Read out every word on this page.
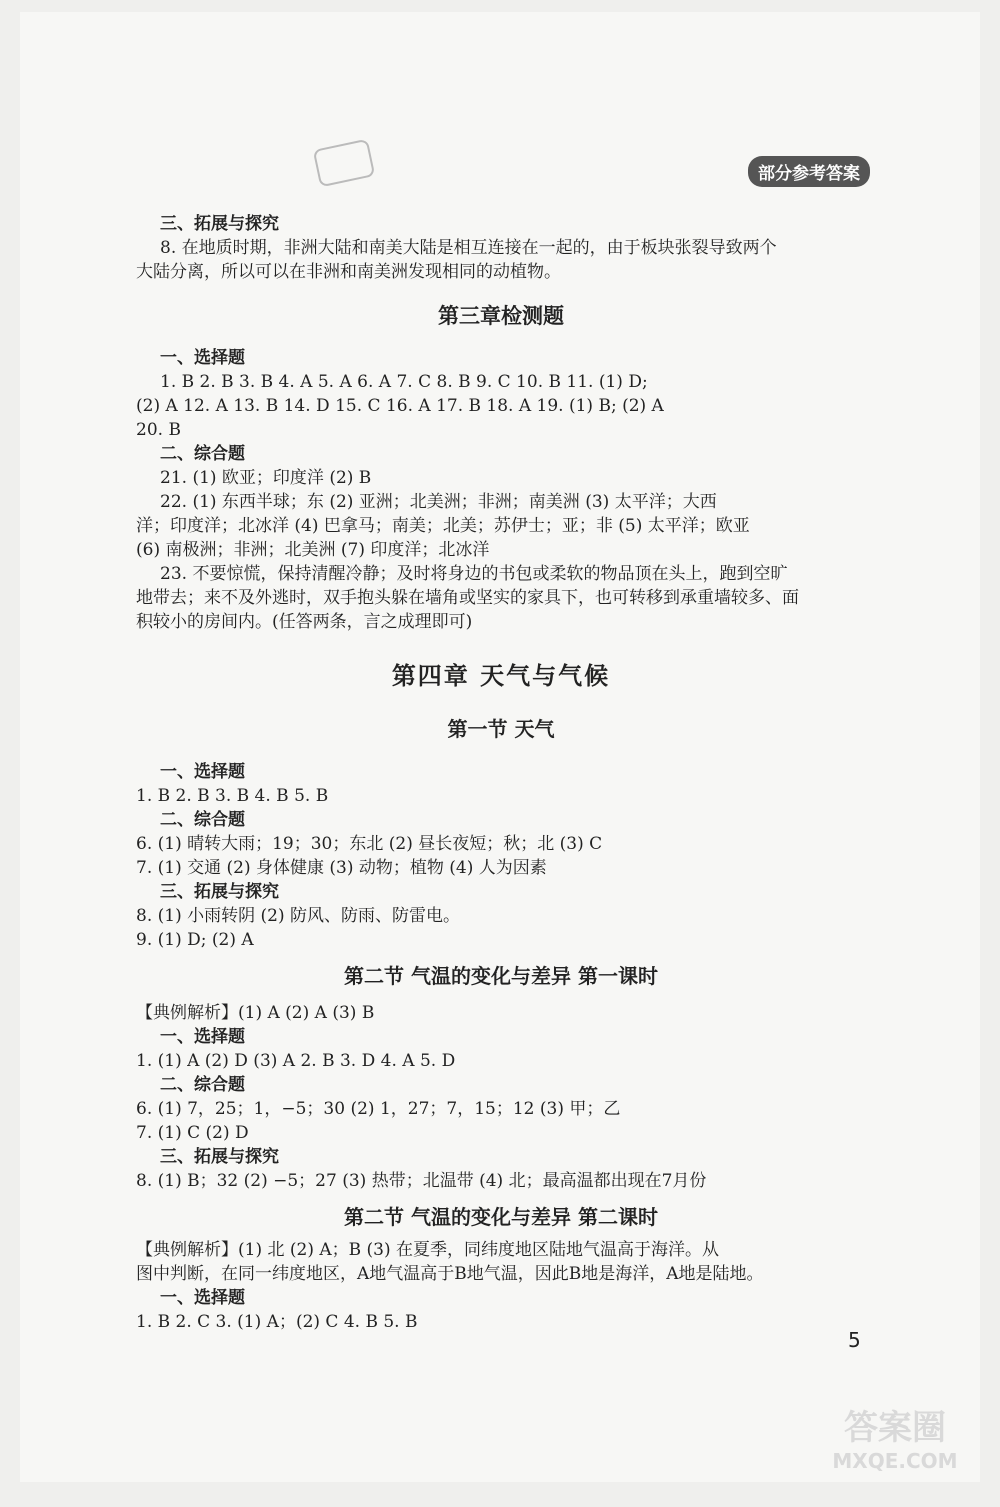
部分参考答案
三、拓展与探究
8. 在地质时期，非洲大陆和南美大陆是相互连接在一起的，由于板块张裂导致两个
大陆分离，所以可以在非洲和南美洲发现相同的动植物。
第三章检测题
一、选择题
1. B 2. B 3. B 4. A 5. A 6. A 7. C 8. B 9. C 10. B 11. (1) D;
(2) A 12. A 13. B 14. D 15. C 16. A 17. B 18. A 19. (1) B; (2) A
20. B
二、综合题
21. (1) 欧亚；印度洋 (2) B
22. (1) 东西半球；东 (2) 亚洲；北美洲；非洲；南美洲 (3) 太平洋；大西
洋；印度洋；北冰洋 (4) 巴拿马；南美；北美；苏伊士；亚；非 (5) 太平洋；欧亚
(6) 南极洲；非洲；北美洲 (7) 印度洋；北冰洋
23. 不要惊慌，保持清醒冷静；及时将身边的书包或柔软的物品顶在头上，跑到空旷
地带去；来不及外逃时，双手抱头躲在墙角或坚实的家具下，也可转移到承重墙较多、面
积较小的房间内。(任答两条，言之成理即可)
第四章 天气与气候
第一节 天气
一、选择题
1. B 2. B 3. B 4. B 5. B
二、综合题
6. (1) 晴转大雨；19；30；东北 (2) 昼长夜短；秋；北 (3) C
7. (1) 交通 (2) 身体健康 (3) 动物；植物 (4) 人为因素
三、拓展与探究
8. (1) 小雨转阴 (2) 防风、防雨、防雷电。
9. (1) D; (2) A
第二节 气温的变化与差异 第一课时
【典例解析】(1) A (2) A (3) B
一、选择题
1. (1) A (2) D (3) A 2. B 3. D 4. A 5. D
二、综合题
6. (1) 7，25；1，−5；30 (2) 1，27；7，15；12 (3) 甲；乙
7. (1) C (2) D
三、拓展与探究
8. (1) B；32 (2) −5；27 (3) 热带；北温带 (4) 北；最高温都出现在7月份
第二节 气温的变化与差异 第二课时
【典例解析】(1) 北 (2) A；B (3) 在夏季，同纬度地区陆地气温高于海洋。从
图中判断，在同一纬度地区，A地气温高于B地气温，因此B地是海洋，A地是陆地。
一、选择题
1. B 2. C 3. (1) A；(2) C 4. B 5. B
5
答案圈
MXQE.COM
